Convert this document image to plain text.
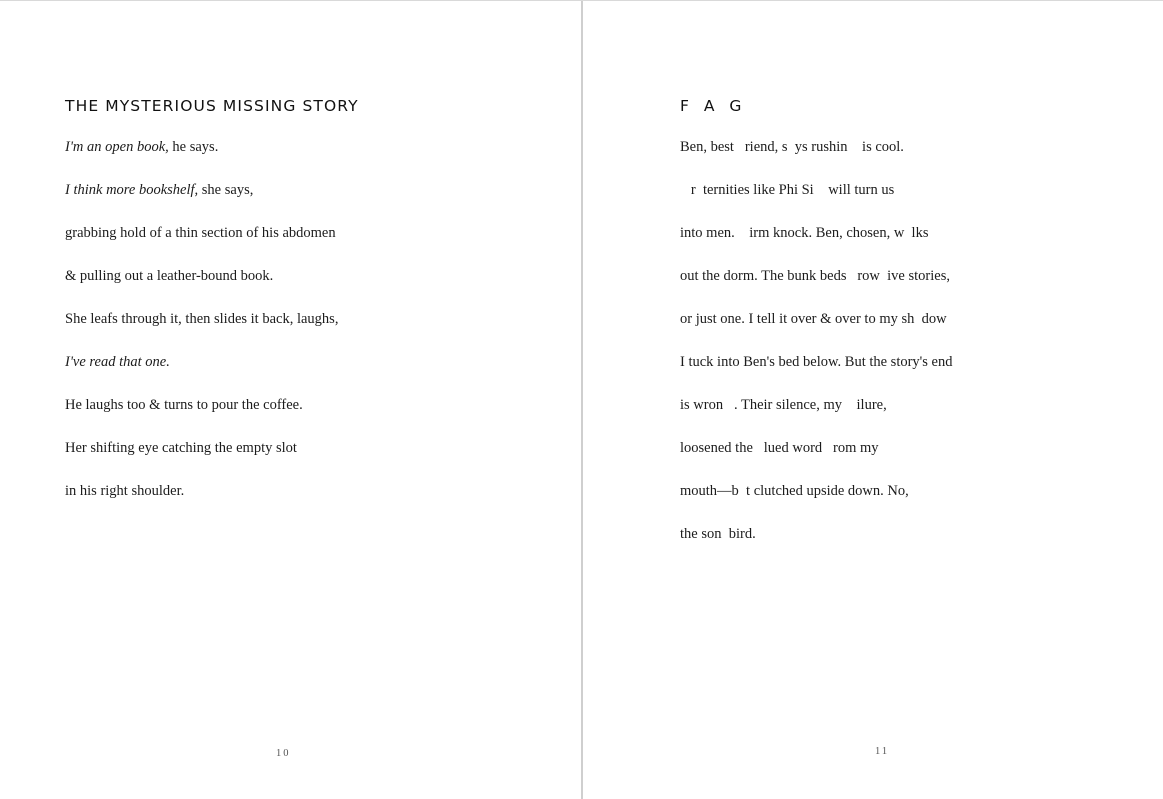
THE MYSTERIOUS MISSING STORY
I'm an open book, he says.
I think more bookshelf, she says,
grabbing hold of a thin section of his abdomen
& pulling out a leather-bound book.
She leafs through it, then slides it back, laughs,
I've read that one.
He laughs too & turns to pour the coffee.
Her shifting eye catching the empty slot
in his right shoulder.
10
F A G
Ben, best   riend, s  ys rushin    is cool.
r  ternities like Phi Si    will turn us
into men.    irm knock. Ben, chosen, w  lks
out the dorm. The bunk beds   row  ive stories,
or just one. I tell it over & over to my sh  dow
I tuck into Ben's bed below. But the story's end
is wron   . Their silence, my    ilure,
loosened the   lued word   rom my
mouth—b  t clutched upside down. No,
the son  bird.
11
